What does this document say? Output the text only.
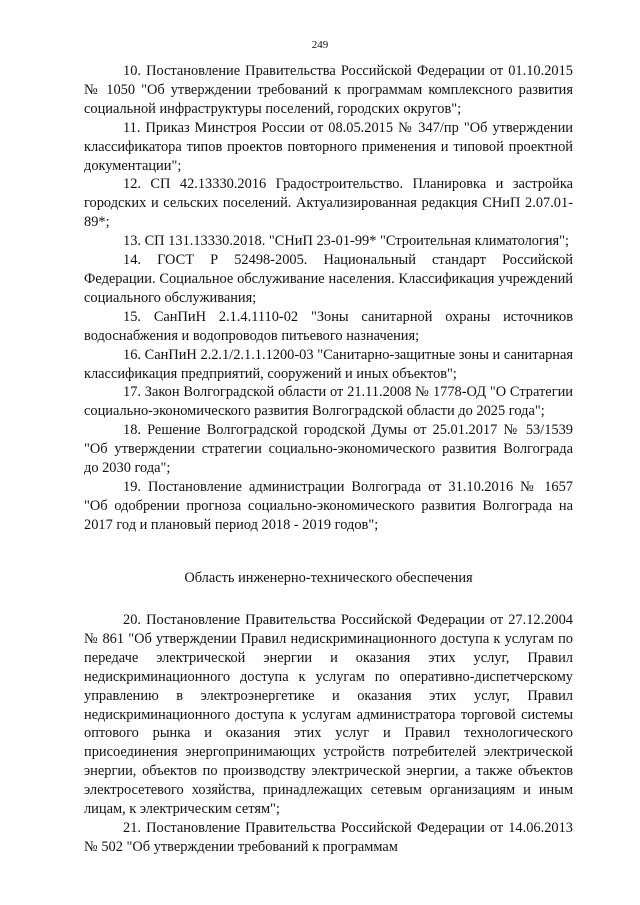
249

10. Постановление Правительства Российской Федерации от 01.10.2015 № 1050 "Об утверждении требований к программам комплексного развития социальной инфраструктуры поселений, городских округов";

11. Приказ Минстроя России от 08.05.2015 № 347/пр "Об утверждении классификатора типов проектов повторного применения и типовой проектной документации";

12. СП 42.13330.2016 Градостроительство. Планировка и застройка городских и сельских поселений. Актуализированная редакция СНиП 2.07.01-89*;

13. СП 131.13330.2018. "СНиП 23-01-99* "Строительная климатология";

14. ГОСТ Р 52498-2005. Национальный стандарт Российской Федерации. Социальное обслуживание населения. Классификация учреждений социального обслуживания;

15. СанПиН 2.1.4.1110-02 "Зоны санитарной охраны источников водоснабжения и водопроводов питьевого назначения;

16. СанПиН 2.2.1/2.1.1.1200-03 "Санитарно-защитные зоны и санитарная классификация предприятий, сооружений и иных объектов";

17. Закон Волгоградской области от 21.11.2008 № 1778-ОД "О Стратегии социально-экономического развития Волгоградской области до 2025 года";

18. Решение Волгоградской городской Думы от 25.01.2017 № 53/1539 "Об утверждении стратегии социально-экономического развития Волгограда до 2030 года";

19. Постановление администрации Волгограда от 31.10.2016 № 1657 "Об одобрении прогноза социально-экономического развития Волгограда на 2017 год и плановый период 2018 - 2019 годов";

Область инженерно-технического обеспечения

20. Постановление Правительства Российской Федерации от 27.12.2004 № 861 "Об утверждении Правил недискриминационного доступа к услугам по передаче электрической энергии и оказания этих услуг, Правил недискриминационного доступа к услугам по оперативно-диспетчерскому управлению в электроэнергетике и оказания этих услуг, Правил недискриминационного доступа к услугам администратора торговой системы оптового рынка и оказания этих услуг и Правил технологического присоединения энергопринимающих устройств потребителей электрической энергии, объектов по производству электрической энергии, а также объектов электросетевого хозяйства, принадлежащих сетевым организациям и иным лицам, к электрическим сетям";

21. Постановление Правительства Российской Федерации от 14.06.2013 № 502 "Об утверждении требований к программам
